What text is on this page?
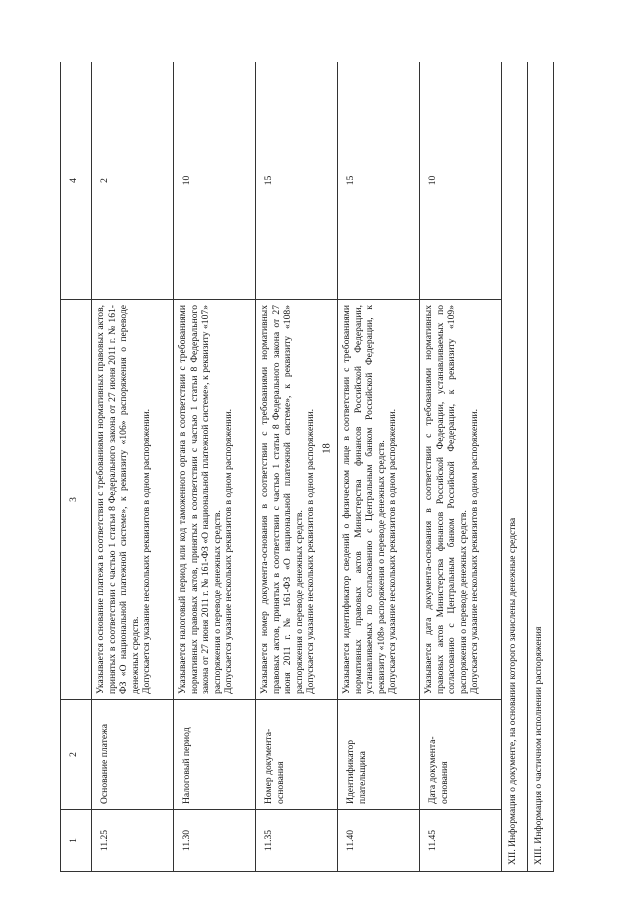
18
1	2	3	4
11.25	Основание платежа	Указывается основание платежа в соответствии с требованиями нормативных правовых актов, принятых в соответствии с частью 1 статьи 8 Федерального закона от 27 июня 2011 г. № 161-ФЗ «О национальной платежной системе», к реквизиту «106» распоряжения о переводе денежных средств. Допускается указание нескольких реквизитов в одном распоряжении.	2
11.30	Налоговый период	Указывается налоговый период или код таможенного органа в соответствии с требованиями нормативных правовых актов, принятых в соответствии с частью 1 статьи 8 Федерального закона от 27 июня 2011 г. № 161-ФЗ «О национальной платежной системе», к реквизиту «107» распоряжения о переводе денежных средств. Допускается указание нескольких реквизитов в одном распоряжении.	10
11.35	Номер документа-основания	Указывается номер документа-основания в соответствии с требованиями нормативных правовых актов, принятых в соответствии с частью 1 статьи 8 Федерального закона от 27 июня 2011 г. № 161-ФЗ «О национальной платежной системе», к реквизиту «108» распоряжения о переводе денежных средств. Допускается указание нескольких реквизитов в одном распоряжении.	15
11.40	Идентификатор плательщика	Указывается идентификатор сведений о физическом лице в соответствии с требованиями нормативных правовых актов Министерства финансов Российской Федерации, устанавливаемых по согласованию с Центральным банком Российской Федерации, к реквизиту «108» распоряжения о переводе денежных средств. Допускается указание нескольких реквизитов в одном распоряжении.	15
11.45	Дата документа-основания	Указывается дата документа-основания в соответствии с требованиями нормативных правовых актов Министерства финансов Российской Федерации, устанавливаемых по согласованию с Центральным банком Российской Федерации, к реквизиту «109» распоряжения о переводе денежных средств. Допускается указание нескольких реквизитов в одном распоряжении.	10
XII. Информация о документе, на основании которого зачислены денежные средства			
XIII. Информация о частичном исполнении распоряжения			
